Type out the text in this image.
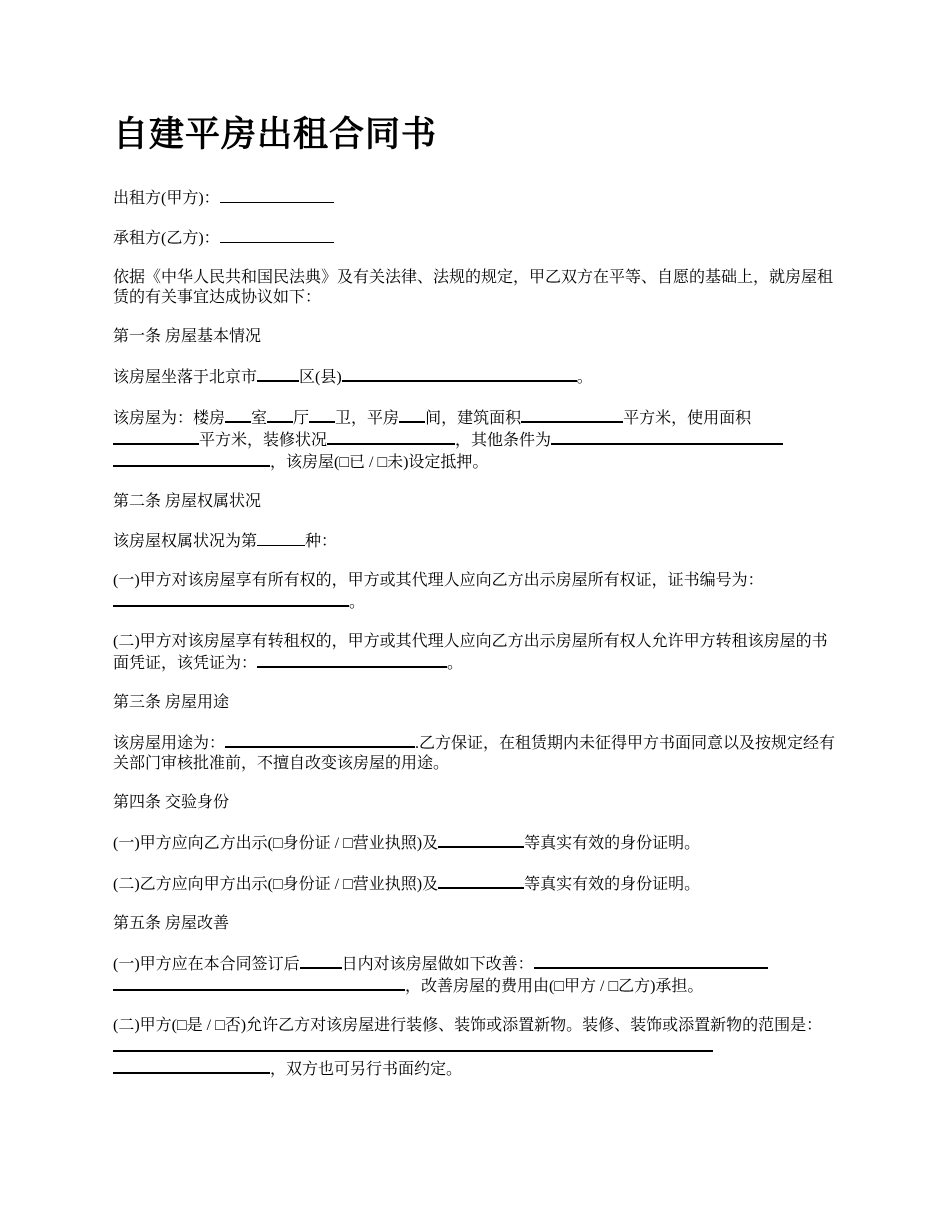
自建平房出租合同书

出租方(甲方)：

承租方(乙方)：

依据《中华人民共和国民法典》及有关法律、法规的规定，甲乙双方在平等、自愿的基础上，就房屋租赁的有关事宜达成协议如下：

第一条 房屋基本情况

该房屋坐落于北京市	区(县)	。

该房屋为：楼房 室 厅 卫，平房 间，建筑面积	平方米，使用面积
平方米，装修状况	，其他条件为
，该房屋(□已 / □未)设定抵押。

第二条 房屋权属状况

该房屋权属状况为第	种：

(一)甲方对该房屋享有所有权的，甲方或其代理人应向乙方出示房屋所有权证，证书编号为：。

(二)甲方对该房屋享有转租权的，甲方或其代理人应向乙方出示房屋所有权人允许甲方转租该房屋的书面凭证，该凭证为：	。

第三条 房屋用途

该房屋用途为：	.乙方保证，在租赁期内未征得甲方书面同意以及按规定经有关部门审核批准前，不擅自改变该房屋的用途。

第四条 交验身份

(一)甲方应向乙方出示(□身份证 / □营业执照)及	等真实有效的身份证明。

(二)乙方应向甲方出示(□身份证 / □营业执照)及	等真实有效的身份证明。

第五条 房屋改善

(一)甲方应在本合同签订后	日内对该房屋做如下改善：
，改善房屋的费用由(□甲方 / □乙方)承担。

(二)甲方(□是 / □否)允许乙方对该房屋进行装修、装饰或添置新物。装修、装饰或添置新物的范围是：
，双方也可另行书面约定。
